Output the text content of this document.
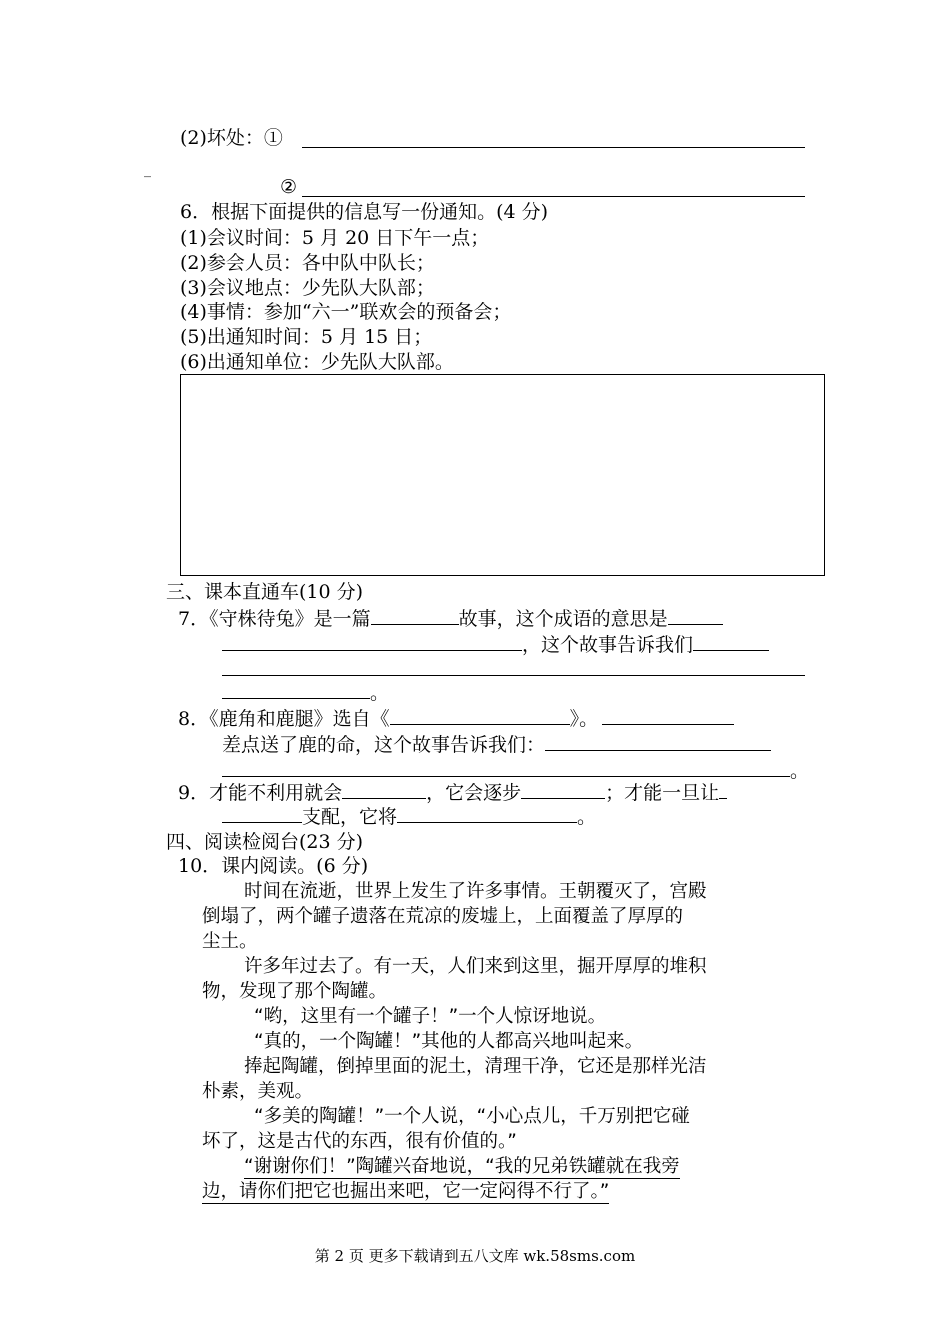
(2)坏处：①
_
②
6．根据下面提供的信息写一份通知。(4 分)
(1)会议时间：5 月 20 日下午一点；
(2)参会人员：各中队中队长；
(3)会议地点：少先队大队部；
(4)事情：参加“六一”联欢会的预备会；
(5)出通知时间：5 月 15 日；
(6)出通知单位：少先队大队部。
三、课本直通车(10 分)
7．《守株待兔》是一篇	故事，这个成语的意思是
，这个故事告诉我们
。
8．《鹿角和鹿腿》选自《	》。
差点送了鹿的命，这个故事告诉我们：
。
9．才能不利用就会	，它会逐步	；才能一旦让
支配，它将	。
四、阅读检阅台(23 分)
10．课内阅读。(6 分)
时间在流逝，世界上发生了许多事情。王朝覆灭了，宫殿
倒塌了，两个罐子遗落在荒凉的废墟上，上面覆盖了厚厚的
尘土。
许多年过去了。有一天，人们来到这里，掘开厚厚的堆积
物，发现了那个陶罐。
“哟，这里有一个罐子！”一个人惊讶地说。
“真的，一个陶罐！”其他的人都高兴地叫起来。
捧起陶罐，倒掉里面的泥土，清理干净，它还是那样光洁
朴素，美观。
“多美的陶罐！”一个人说，“小心点儿，千万别把它碰
坏了，这是古代的东西，很有价值的。”
“谢谢你们！”陶罐兴奋地说，“我的兄弟铁罐就在我旁
边，请你们把它也掘出来吧，它一定闷得不行了。”
第 2 页 更多下载请到五八文库 wk.58sms.com
